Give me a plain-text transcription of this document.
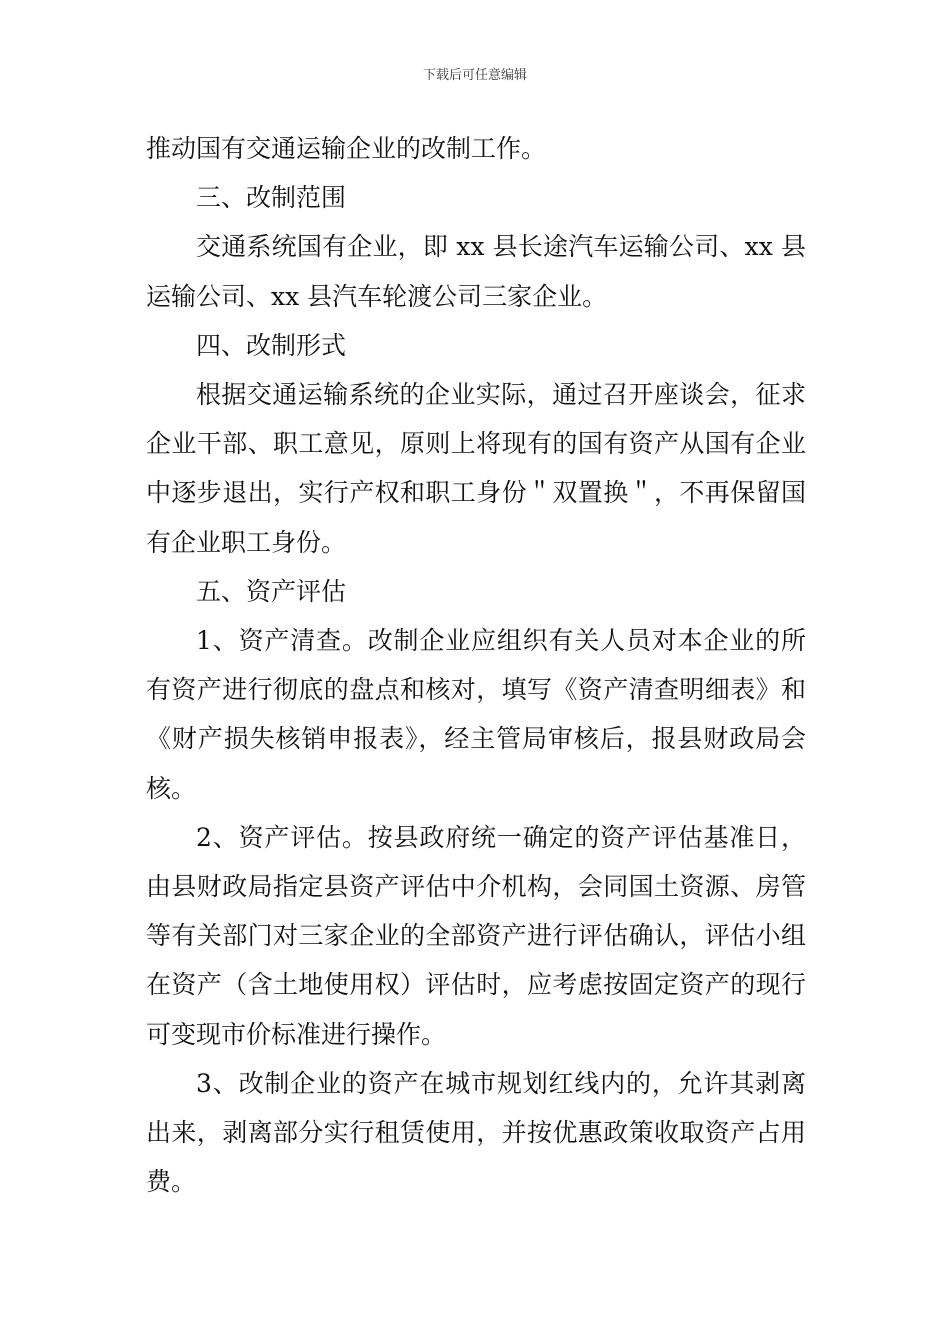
下载后可任意编辑

推动国有交通运输企业的改制工作。

三、改制范围

交通系统国有企业，即 xx 县长途汽车运输公司、xx 县运输公司、xx 县汽车轮渡公司三家企业。

四、改制形式

根据交通运输系统的企业实际，通过召开座谈会，征求企业干部、职工意见，原则上将现有的国有资产从国有企业中逐步退出，实行产权和职工身份＂双置换＂，不再保留国有企业职工身份。

五、资产评估

1、资产清查。改制企业应组织有关人员对本企业的所有资产进行彻底的盘点和核对，填写《资产清查明细表》和《财产损失核销申报表》，经主管局审核后，报县财政局会核。

2、资产评估。按县政府统一确定的资产评估基准日，由县财政局指定县资产评估中介机构，会同国土资源、房管等有关部门对三家企业的全部资产进行评估确认，评估小组在资产（含土地使用权）评估时，应考虑按固定资产的现行可变现市价标准进行操作。

3、改制企业的资产在城市规划红线内的，允许其剥离出来，剥离部分实行租赁使用，并按优惠政策收取资产占用费。
